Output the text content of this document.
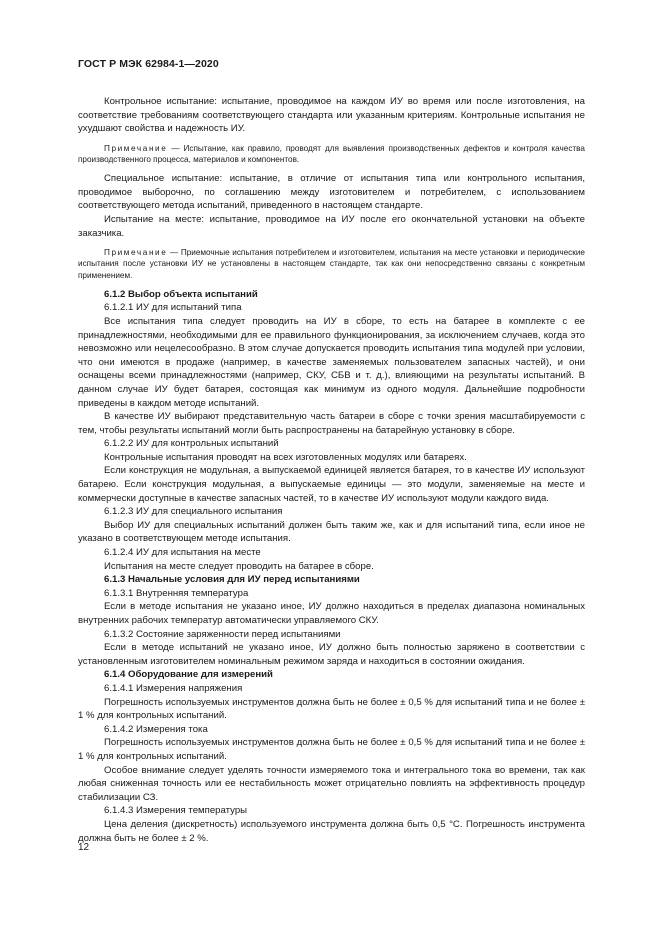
ГОСТ Р МЭК 62984-1—2020

Контрольное испытание: испытание, проводимое на каждом ИУ во время или после изготовления, на соответствие требованиям соответствующего стандарта или указанным критериям. Контрольные испытания не ухудшают свойства и надежность ИУ.

Примечание — Испытание, как правило, проводят для выявления производственных дефектов и контроля качества производственного процесса, материалов и компонентов.

Специальное испытание: испытание, в отличие от испытания типа или контрольного испытания, проводимое выборочно, по соглашению между изготовителем и потребителем, с использованием соответствующего метода испытаний, приведенного в настоящем стандарте.

Испытание на месте: испытание, проводимое на ИУ после его окончательной установки на объекте заказчика.

Примечание — Приемочные испытания потребителем и изготовителем, испытания на месте установки и периодические испытания после установки ИУ не установлены в настоящем стандарте, так как они непосредственно связаны с конкретным применением.

6.1.2 Выбор объекта испытаний

6.1.2.1 ИУ для испытаний типа

Все испытания типа следует проводить на ИУ в сборе, то есть на батарее в комплекте с ее принадлежностями, необходимыми для ее правильного функционирования, за исключением случаев, когда это невозможно или нецелесообразно. В этом случае допускается проводить испытания типа модулей при условии, что они имеются в продаже (например, в качестве заменяемых пользователем запасных частей), и они оснащены всеми принадлежностями (например, СКУ, СБВ и т. д.), влияющими на результаты испытаний. В данном случае ИУ будет батарея, состоящая как минимум из одного модуля. Дальнейшие подробности приведены в каждом методе испытаний.

В качестве ИУ выбирают представительную часть батареи в сборе с точки зрения масштабируемости с тем, чтобы результаты испытаний могли быть распространены на батарейную установку в сборе.

6.1.2.2 ИУ для контрольных испытаний

Контрольные испытания проводят на всех изготовленных модулях или батареях.

Если конструкция не модульная, а выпускаемой единицей является батарея, то в качестве ИУ используют батарею. Если конструкция модульная, а выпускаемые единицы — это модули, заменяемые на месте и коммерчески доступные в качестве запасных частей, то в качестве ИУ используют модули каждого вида.

6.1.2.3 ИУ для специального испытания

Выбор ИУ для специальных испытаний должен быть таким же, как и для испытаний типа, если иное не указано в соответствующем методе испытания.

6.1.2.4 ИУ для испытания на месте

Испытания на месте следует проводить на батарее в сборе.

6.1.3 Начальные условия для ИУ перед испытаниями

6.1.3.1 Внутренняя температура

Если в методе испытания не указано иное, ИУ должно находиться в пределах диапазона номинальных внутренних рабочих температур автоматически управляемого СКУ.

6.1.3.2 Состояние заряженности перед испытаниями

Если в методе испытаний не указано иное, ИУ должно быть полностью заряжено в соответствии с установленным изготовителем номинальным режимом заряда и находиться в состоянии ожидания.

6.1.4 Оборудование для измерений

6.1.4.1 Измерения напряжения

Погрешность используемых инструментов должна быть не более ± 0,5 % для испытаний типа и не более ± 1 % для контрольных испытаний.

6.1.4.2 Измерения тока

Погрешность используемых инструментов должна быть не более ± 0,5 % для испытаний типа и не более ± 1 % для контрольных испытаний.

Особое внимание следует уделять точности измеряемого тока и интегрального тока во времени, так как любая сниженная точность или ее нестабильность может отрицательно повлиять на эффективность процедур стабилизации СЗ.

6.1.4.3 Измерения температуры

Цена деления (дискретность) используемого инструмента должна быть 0,5 °С. Погрешность инструмента должна быть не более ± 2 %.

12
